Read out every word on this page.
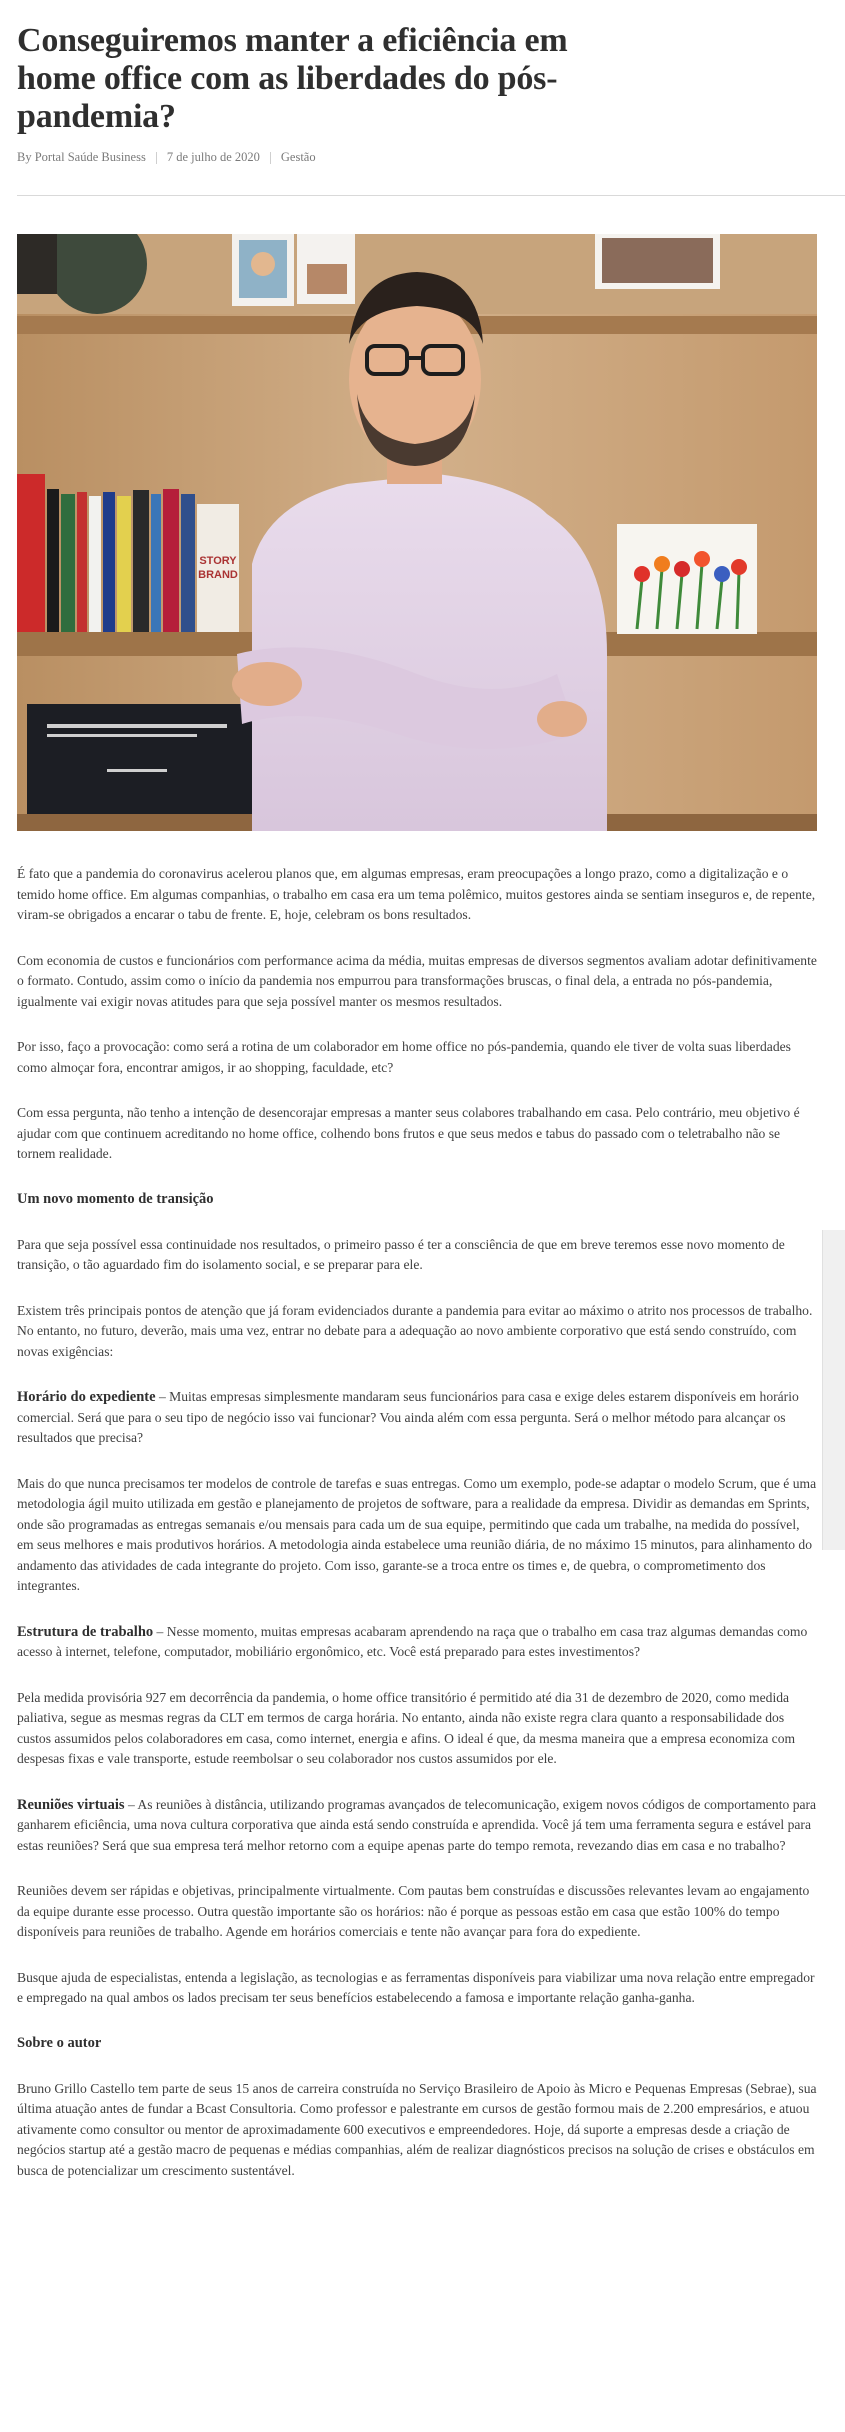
Conseguiremos manter a eficiência em home office com as liberdades do pós-pandemia?
By Portal Saúde Business 7 de julho de 2020 Gestão
STORY
BRAND

É fato que a pandemia do coronavirus acelerou planos que, em algumas empresas, eram preocupações a longo prazo, como a digitalização e o temido home office. Em algumas companhias, o trabalho em casa era um tema polêmico, muitos gestores ainda se sentiam inseguros e, de repente, viram-se obrigados a encarar o tabu de frente. E, hoje, celebram os bons resultados.

Com economia de custos e funcionários com performance acima da média, muitas empresas de diversos segmentos avaliam adotar definitivamente o formato. Contudo, assim como o início da pandemia nos empurrou para transformações bruscas, o final dela, a entrada no pós-pandemia, igualmente vai exigir novas atitudes para que seja possível manter os mesmos resultados.

Por isso, faço a provocação: como será a rotina de um colaborador em home office no pós-pandemia, quando ele tiver de volta suas liberdades como almoçar fora, encontrar amigos, ir ao shopping, faculdade, etc?

Com essa pergunta, não tenho a intenção de desencorajar empresas a manter seus colabores trabalhando em casa. Pelo contrário, meu objetivo é ajudar com que continuem acreditando no home office, colhendo bons frutos e que seus medos e tabus do passado com o teletrabalho não se tornem realidade.

Um novo momento de transição

Para que seja possível essa continuidade nos resultados, o primeiro passo é ter a consciência de que em breve teremos esse novo momento de transição, o tão aguardado fim do isolamento social, e se preparar para ele.

Existem três principais pontos de atenção que já foram evidenciados durante a pandemia para evitar ao máximo o atrito nos processos de trabalho. No entanto, no futuro, deverão, mais uma vez, entrar no debate para a adequação ao novo ambiente corporativo que está sendo construído, com novas exigências:

Horário do expediente – Muitas empresas simplesmente mandaram seus funcionários para casa e exige deles estarem disponíveis em horário comercial. Será que para o seu tipo de negócio isso vai funcionar? Vou ainda além com essa pergunta. Será o melhor método para alcançar os resultados que precisa?

Mais do que nunca precisamos ter modelos de controle de tarefas e suas entregas. Como um exemplo, pode-se adaptar o modelo Scrum, que é uma metodologia ágil muito utilizada em gestão e planejamento de projetos de software, para a realidade da empresa. Dividir as demandas em Sprints, onde são programadas as entregas semanais e/ou mensais para cada um de sua equipe, permitindo que cada um trabalhe, na medida do possível, em seus melhores e mais produtivos horários. A metodologia ainda estabelece uma reunião diária, de no máximo 15 minutos, para alinhamento do andamento das atividades de cada integrante do projeto. Com isso, garante-se a troca entre os times e, de quebra, o comprometimento dos integrantes.

Estrutura de trabalho – Nesse momento, muitas empresas acabaram aprendendo na raça que o trabalho em casa traz algumas demandas como acesso à internet, telefone, computador, mobiliário ergonômico, etc. Você está preparado para estes investimentos?

Pela medida provisória 927 em decorrência da pandemia, o home office transitório é permitido até dia 31 de dezembro de 2020, como medida paliativa, segue as mesmas regras da CLT em termos de carga horária. No entanto, ainda não existe regra clara quanto a responsabilidade dos custos assumidos pelos colaboradores em casa, como internet, energia e afins. O ideal é que, da mesma maneira que a empresa economiza com despesas fixas e vale transporte, estude reembolsar o seu colaborador nos custos assumidos por ele.

Reuniões virtuais – As reuniões à distância, utilizando programas avançados de telecomunicação, exigem novos códigos de comportamento para ganharem eficiência, uma nova cultura corporativa que ainda está sendo construída e aprendida. Você já tem uma ferramenta segura e estável para estas reuniões? Será que sua empresa terá melhor retorno com a equipe apenas parte do tempo remota, revezando dias em casa e no trabalho?

Reuniões devem ser rápidas e objetivas, principalmente virtualmente. Com pautas bem construídas e discussões relevantes levam ao engajamento da equipe durante esse processo. Outra questão importante são os horários: não é porque as pessoas estão em casa que estão 100% do tempo disponíveis para reuniões de trabalho. Agende em horários comerciais e tente não avançar para fora do expediente.

Busque ajuda de especialistas, entenda a legislação, as tecnologias e as ferramentas disponíveis para viabilizar uma nova relação entre empregador e empregado na qual ambos os lados precisam ter seus benefícios estabelecendo a famosa e importante relação ganha-ganha.

Sobre o autor

Bruno Grillo Castello tem parte de seus 15 anos de carreira construída no Serviço Brasileiro de Apoio às Micro e Pequenas Empresas (Sebrae), sua última atuação antes de fundar a Bcast Consultoria. Como professor e palestrante em cursos de gestão formou mais de 2.200 empresários, e atuou ativamente como consultor ou mentor de aproximadamente 600 executivos e empreendedores. Hoje, dá suporte a empresas desde a criação de negócios startup até a gestão macro de pequenas e médias companhias, além de realizar diagnósticos precisos na solução de crises e obstáculos em busca de potencializar um crescimento sustentável.
